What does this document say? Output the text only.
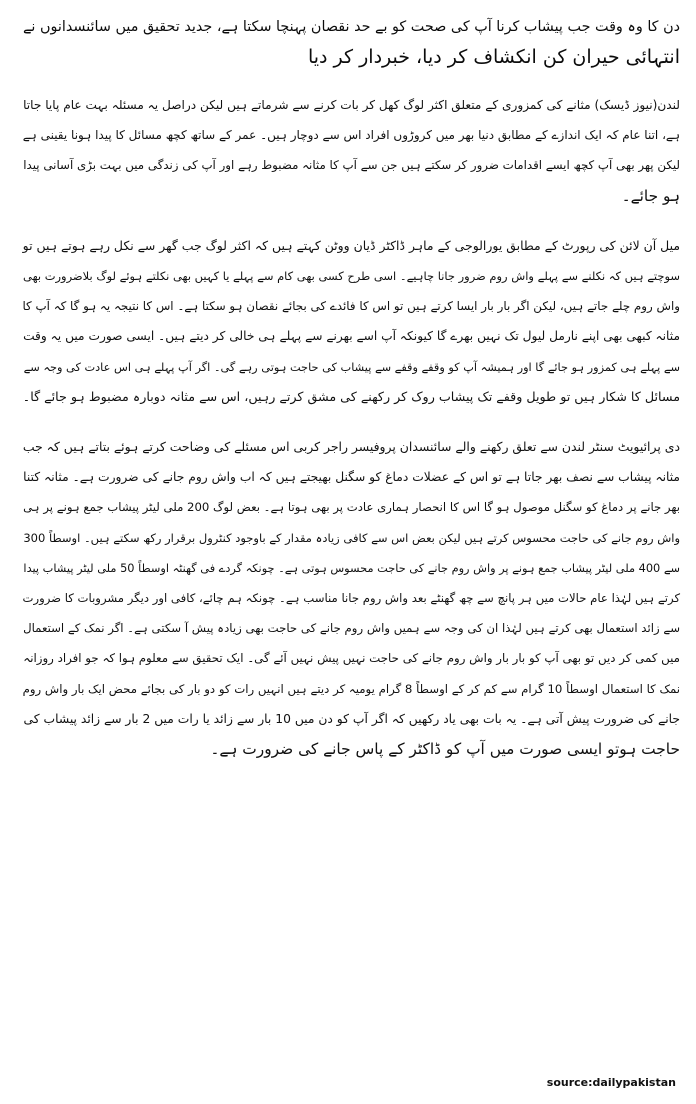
دن کا وہ وقت جب پیشاب کرنا آپ کی صحت کو بے حد نقصان پہنچا سکتا ہے، جدید تحقیق میں سائنسدانوں نے
انتہائی حیران کن انکشاف کر دیا، خبردار کر دیا
لندن(نیوز ڈیسک) مثانے کی کمزوری کے متعلق اکثر لوگ کھل کر بات کرنے سے شرماتے ہیں لیکن دراصل یہ مسئلہ بہت عام پایا جاتا
ہے، اتنا عام کہ ایک اندازے کے مطابق دنیا بھر میں کروڑوں افراد اس سے دوچار ہیں۔ عمر کے ساتھ کچھ مسائل کا پیدا ہونا یقینی ہے
لیکن پھر بھی آپ کچھ ایسے اقدامات ضرور کر سکتے ہیں جن سے آپ کا مثانہ مضبوط رہے اور آپ کی زندگی میں بہت بڑی آسانی پیدا
ہو جائے۔
میل آن لائن کی رپورٹ کے مطابق یورالوجی کے ماہر ڈاکٹر ڈیان ووٹن کہتے ہیں کہ اکثر لوگ جب گھر سے نکل رہے ہوتے ہیں تو
سوچتے ہیں کہ نکلنے سے پہلے واش روم ضرور جانا چاہیے۔ اسی طرح کسی بھی کام سے پہلے یا کہیں بھی نکلتے ہوئے لوگ بلاضرورت بھی
واش روم چلے جاتے ہیں، لیکن اگر بار بار ایسا کرتے ہیں تو اس کا فائدے کی بجائے نقصان ہو سکتا ہے۔ اس کا نتیجہ یہ ہو گا کہ آپ کا
مثانہ کبھی بھی اپنے نارمل لیول تک نہیں بھرے گا کیونکہ آپ اسے بھرنے سے پہلے ہی خالی کر دیتے ہیں۔ ایسی صورت میں یہ وقت
سے پہلے ہی کمزور ہو جائے گا اور ہمیشہ آپ کو وقفے وقفے سے پیشاب کی حاجت ہوتی رہے گی۔ اگر آپ پہلے ہی اس عادت کی وجہ سے
مسائل کا شکار ہیں تو طویل وقفے تک پیشاب روک کر رکھنے کی مشق کرتے رہیں، اس سے مثانہ دوبارہ مضبوط ہو جائے گا۔
دی پرائیویٹ سنٹر لندن سے تعلق رکھنے والے سائنسدان پروفیسر راجر کربی اس مسئلے کی وضاحت کرتے ہوئے بتاتے ہیں کہ جب
مثانہ پیشاب سے نصف بھر جاتا ہے تو اس کے عضلات دماغ کو سگنل بھیجتے ہیں کہ اب واش روم جانے کی ضرورت ہے۔ مثانہ کتنا
بھر جانے پر دماغ کو سگنل موصول ہو گا اس کا انحصار ہماری عادت پر بھی ہوتا ہے۔ بعض لوگ 200 ملی لیٹر پیشاب جمع ہونے پر ہی
واش روم جانے کی حاجت محسوس کرتے ہیں لیکن بعض اس سے کافی زیادہ مقدار کے باوجود کنٹرول برقرار رکھ سکتے ہیں۔ اوسطاً 300
سے 400 ملی لیٹر پیشاب جمع ہونے پر واش روم جانے کی حاجت محسوس ہوتی ہے۔ چونکہ گردے فی گھنٹہ اوسطاً 50 ملی لیٹر پیشاب پیدا
کرتے ہیں لہٰذا عام حالات میں ہر پانچ سے چھ گھنٹے بعد واش روم جانا مناسب ہے۔ چونکہ ہم چائے، کافی اور دیگر مشروبات کا ضرورت
سے زائد استعمال بھی کرتے ہیں لہٰذا ان کی وجہ سے ہمیں واش روم جانے کی حاجت بھی زیادہ پیش آ سکتی ہے۔ اگر نمک کے استعمال
میں کمی کر دیں تو بھی آپ کو بار بار واش روم جانے کی حاجت نہیں پیش نہیں آئے گی۔ ایک تحقیق سے معلوم ہوا کہ جو افراد روزانہ
نمک کا استعمال اوسطاً 10 گرام سے کم کر کے اوسطاً 8 گرام یومیہ کر دیتے ہیں انہیں رات کو دو بار کی بجائے محض ایک بار واش روم
جانے کی ضرورت پیش آتی ہے۔ یہ بات بھی یاد رکھیں کہ اگر آپ کو دن میں 10 بار سے زائد یا رات میں 2 بار سے زائد پیشاب کی
حاجت ہوتو ایسی صورت میں آپ کو ڈاکٹر کے پاس جانے کی ضرورت ہے۔
source:dailypakistan
